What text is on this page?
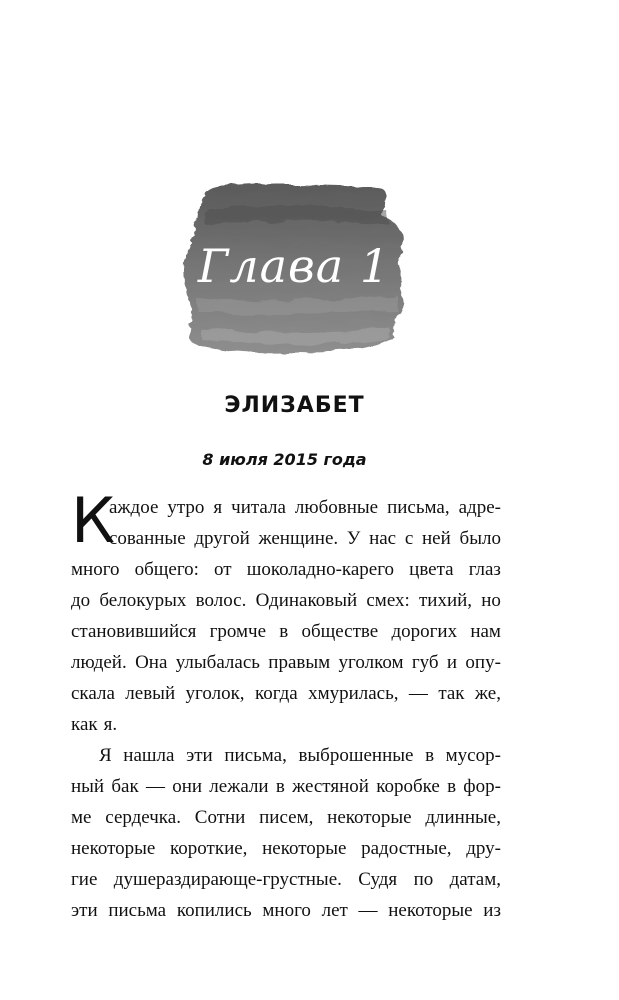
Глава 1
ЭЛИЗАБЕТ
8 июля 2015 года
К
аждое утро я читала любовные письма, адре-
сованные другой женщине. У нас с ней было
много общего: от шоколадно-карего цвета глаз
до белокурых волос. Одинаковый смех: тихий, но
становившийся громче в обществе дорогих нам
людей. Она улыбалась правым уголком губ и опу-
скала левый уголок, когда хмурилась, — так же,
как я.
Я нашла эти письма, выброшенные в мусор-
ный бак — они лежали в жестяной коробке в фор-
ме сердечка. Сотни писем, некоторые длинные,
некоторые короткие, некоторые радостные, дру-
гие душераздирающе-грустные. Судя по датам,
эти письма копились много лет — некоторые из
